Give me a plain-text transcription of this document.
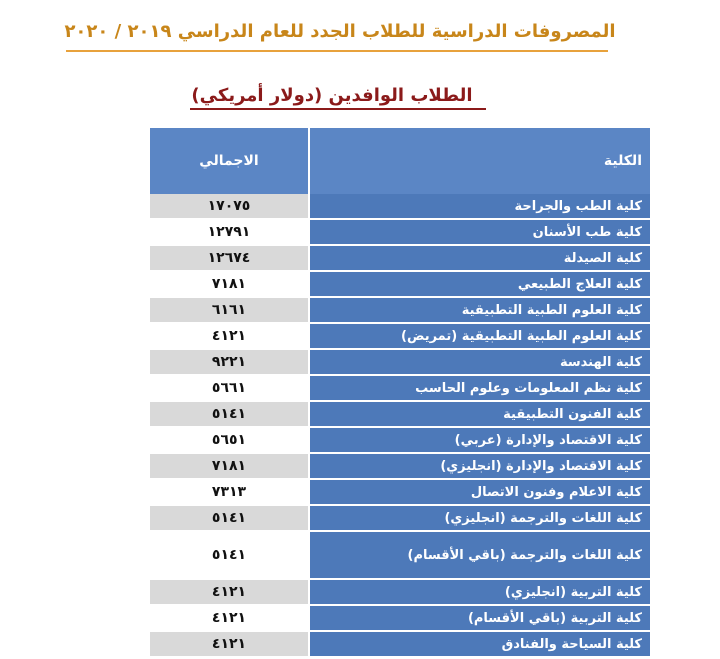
المصروفات الدراسية للطلاب الجدد للعام الدراسي ٢٠١٩ / ٢٠٢٠
الطلاب الوافدين (دولار أمريكي)
الكلية	الاجمالي
كلية الطب والجراحة	١٧٠٧٥
كلية طب الأسنان	١٢٧٩١
كلية الصيدلة	١٢٦٧٤
كلية العلاج الطبيعي	٧١٨١
كلية العلوم الطبية التطبيقية	٦١٦١
كلية العلوم الطبية التطبيقية (تمريض)	٤١٢١
كلية الهندسة	٩٢٢١
كلية نظم المعلومات وعلوم الحاسب	٥٦٦١
كلية الفنون التطبيقية	٥١٤١
كلية الاقتصاد والإدارة (عربي)	٥٦٥١
كلية الاقتصاد والإدارة (انجليزي)	٧١٨١
كلية الاعلام وفنون الاتصال	٧٣١٣
كلية اللغات والترجمة (انجليزي)	٥١٤١
كلية اللغات والترجمة (باقي الأقسام)	٥١٤١
كلية التربية (انجليزي)	٤١٢١
كلية التربية (باقي الأقسام)	٤١٢١
كلية السياحة والفنادق	٤١٢١
